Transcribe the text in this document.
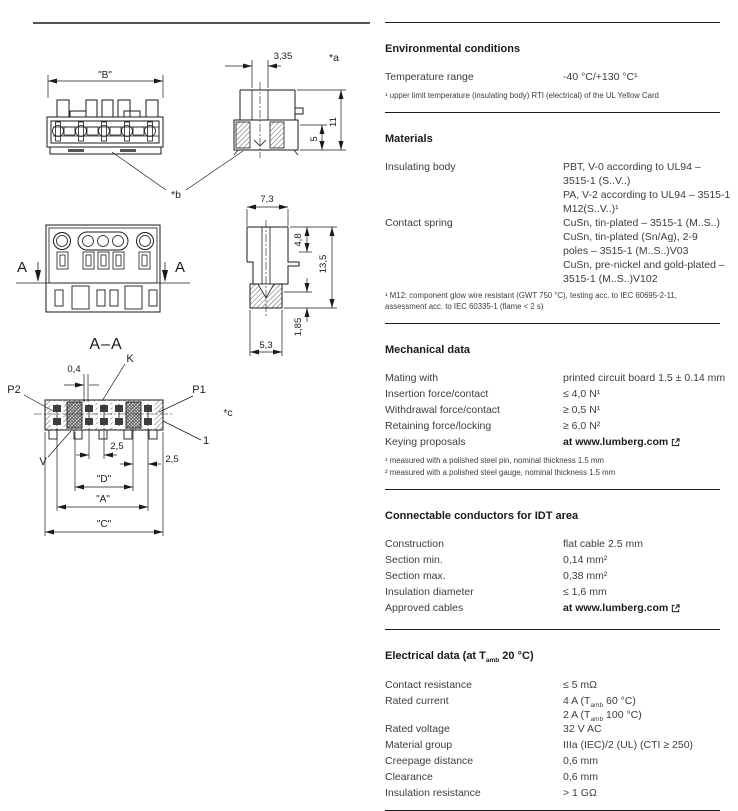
"B"
3,35	*a
11
5
*b
A	A
A–A
7,3
4,8
13,5
1,85
5,3
K
0,4
P2	P1
*c
1
V
2,5
2,5
"D"
"A"
"C"
Environmental conditions
Temperature range	-40 °C/+130 °C¹

¹ upper limit temperature (insulating body) RTI (electrical) of the UL Yellow Card

Materials
Insulating body	PBT, V-0 according to UL94 –
3515-1 (S..V..)
PA, V-2 according to UL94 – 3515-1
M12(S..V..)¹
Contact spring	CuSn, tin-plated – 3515-1 (M..S..)
CuSn, tin-plated (Sn/Ag), 2-9
poles – 3515-1 (M..S..)V03
CuSn, pre-nickel and gold-plated –
3515-1 (M..S..)V102

¹ M12: component glow wire resistant (GWT 750 °C), testing acc. to IEC 60695-2-11, assessment acc. to IEC 60335-1 (flame < 2 s)

Mechanical data
Mating with	printed circuit board 1.5 ± 0.14 mm
Insertion force/contact	≤ 4,0 N¹
Withdrawal force/contact	≥ 0,5 N¹
Retaining force/locking	≥ 6,0 N²
Keying proposals	at www.lumberg.com

¹ measured with a polished steel pin, nominal thickness 1.5 mm

² measured with a polished steel gauge, nominal thickness 1.5 mm

Connectable conductors for IDT area
Construction	flat cable 2.5 mm
Section min.	0,14 mm²
Section max.	0,38 mm²
Insulation diameter	≤ 1,6 mm
Approved cables	at www.lumberg.com
Electrical data (at $T_{amb}$ 20 °C)
Contact resistance	≤ 5 mΩ
Rated current	4 A ($T_{amb}$ 60 °C)
2 A ($T_{amb}$ 100 °C)
Rated voltage	32 V AC
Material group	IIIa (IEC)/2 (UL) (CTI ≥ 250)
Creepage distance	0,6 mm
Clearance	0,6 mm
Insulation resistance	> 1 GΩ
